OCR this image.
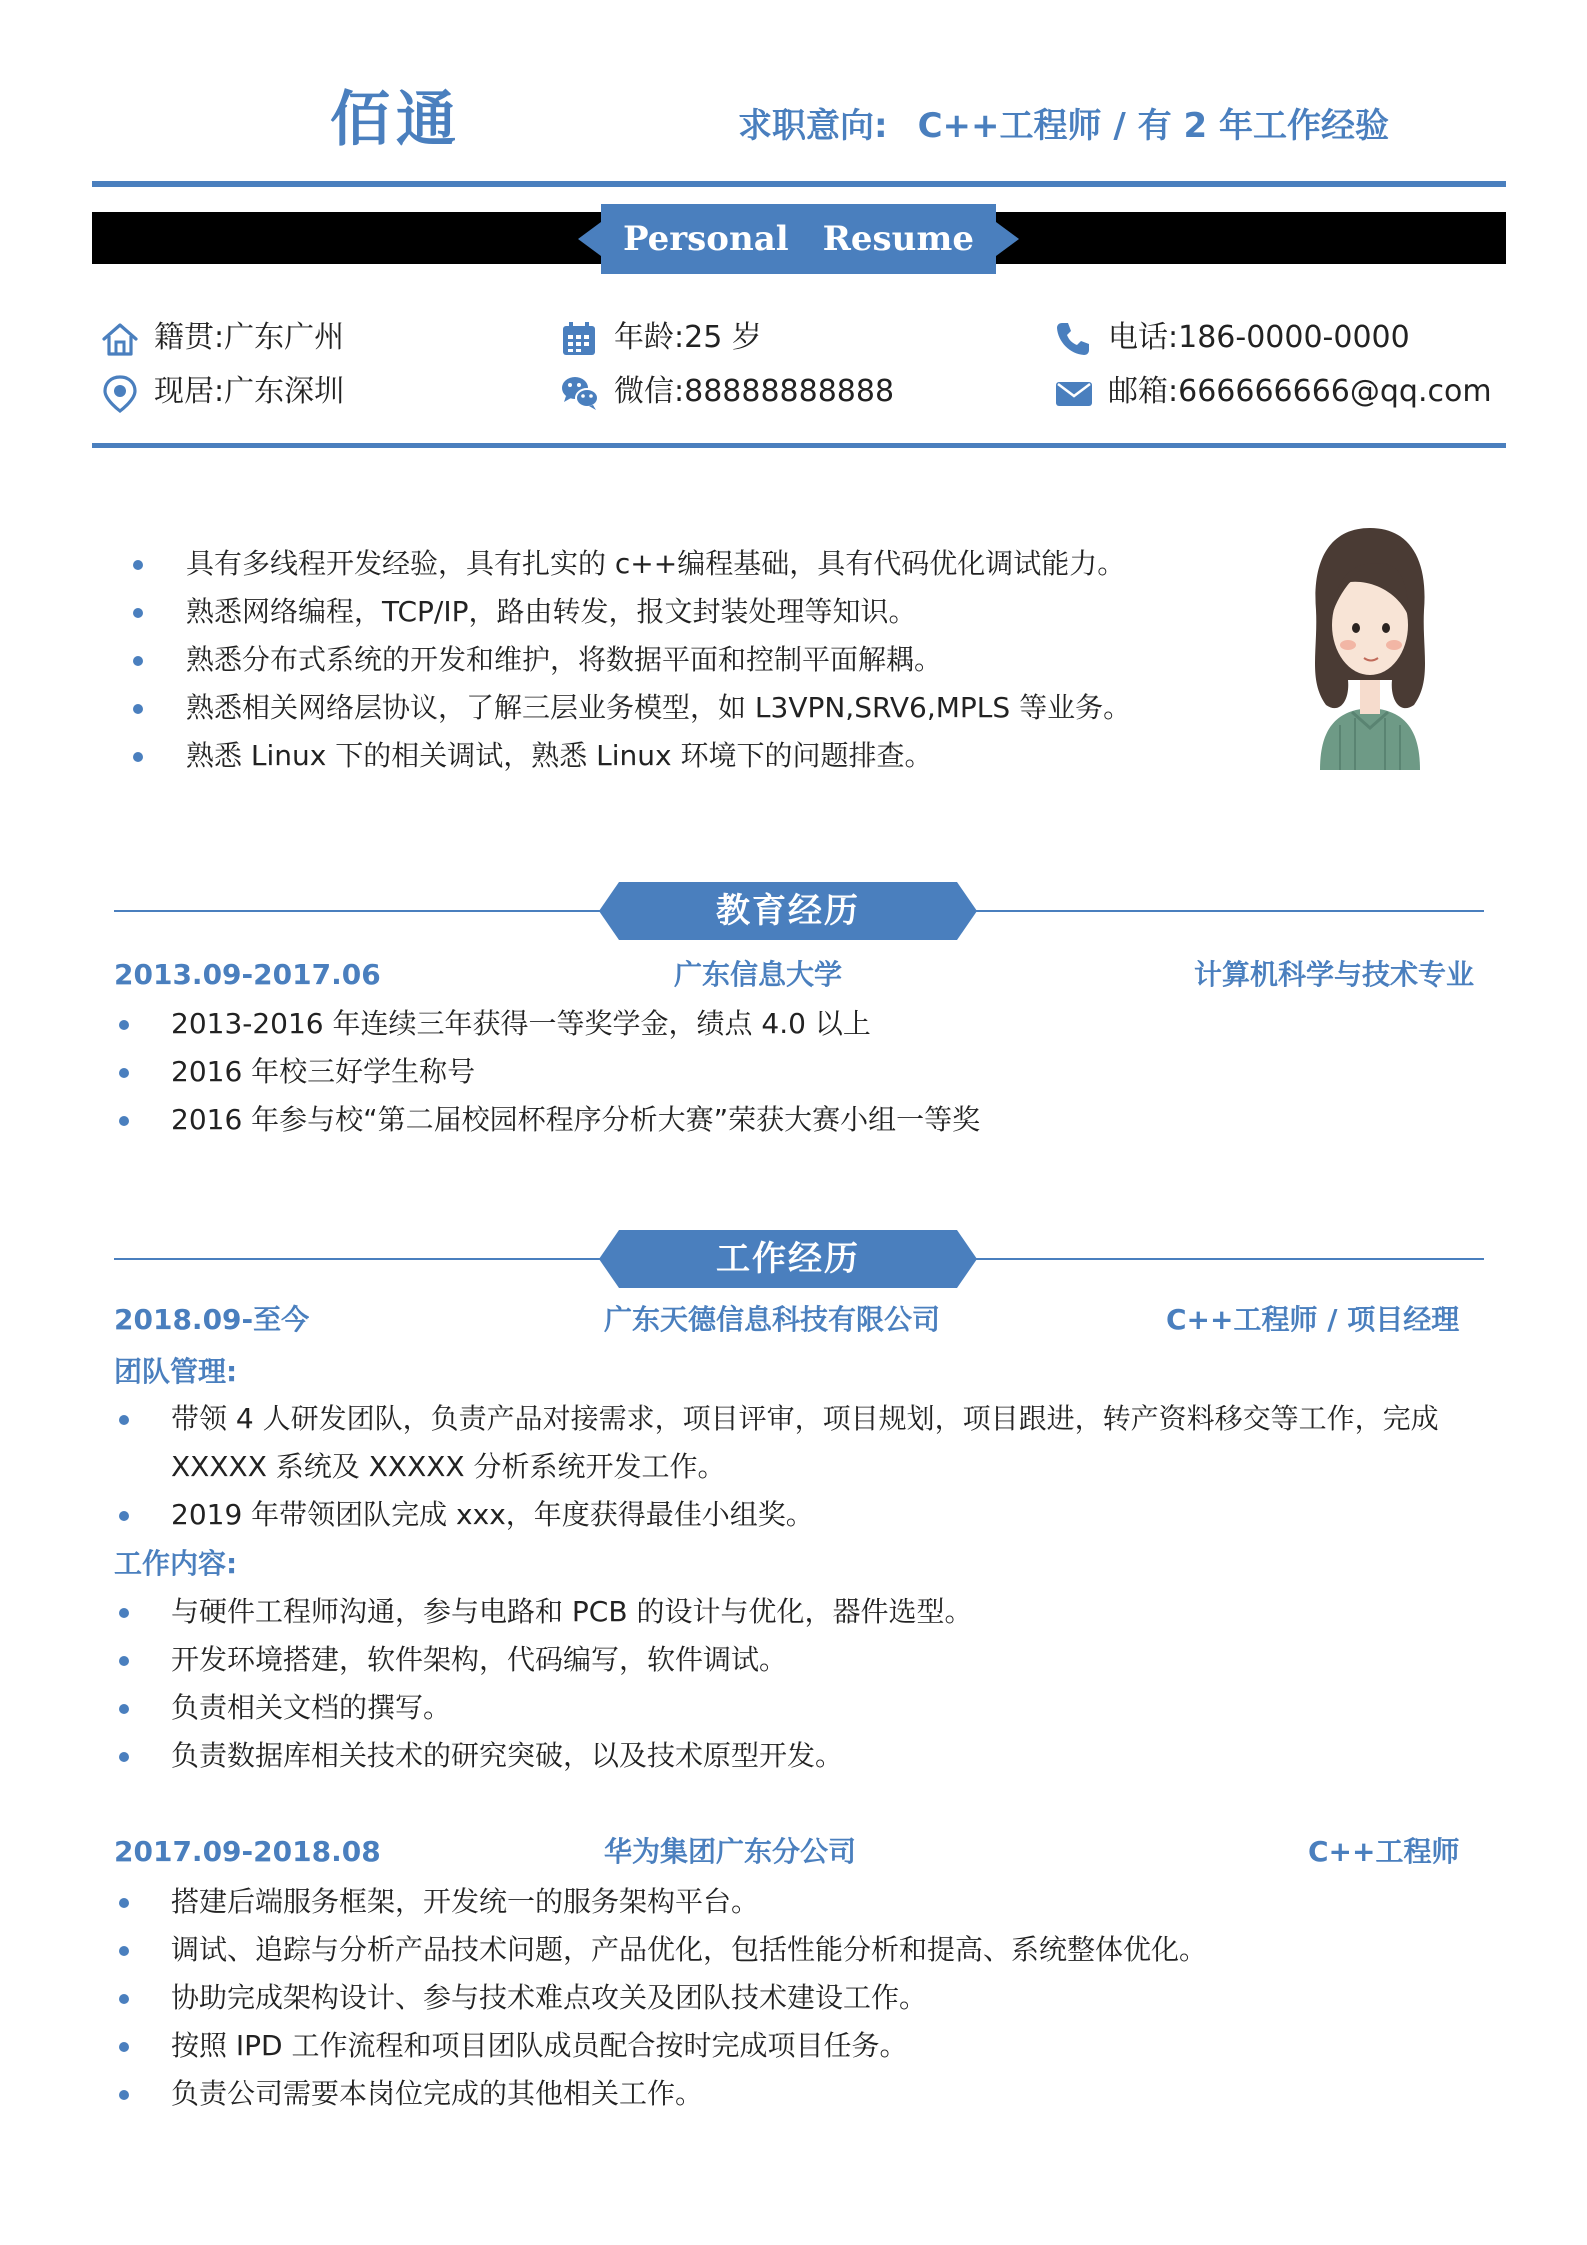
佰通	求职意向: C++工程师 / 有 2 年工作经验
Personal Resume
籍贯:广东广州
现居:广东深圳
年龄:25 岁
微信:88888888888
电话:186-0000-0000
邮箱:666666666@qq.com
具有多线程开发经验，具有扎实的 c++编程基础，具有代码优化调试能力。
熟悉网络编程，TCP/IP，路由转发，报文封装处理等知识。
熟悉分布式系统的开发和维护，将数据平面和控制平面解耦。
熟悉相关网络层协议，了解三层业务模型，如 L3VPN,SRV6,MPLS 等业务。
熟悉 Linux 下的相关调试，熟悉 Linux 环境下的问题排查。
教育经历
2013.09-2017.06	广东信息大学	计算机科学与技术专业
2013-2016 年连续三年获得一等奖学金，绩点 4.0 以上
2016 年校三好学生称号
2016 年参与校“第二届校园杯程序分析大赛”荣获大赛小组一等奖
工作经历
2018.09-至今	广东天德信息科技有限公司	C++工程师 / 项目经理
团队管理:
带领 4 人研发团队，负责产品对接需求，项目评审，项目规划，项目跟进，转产资料移交等工作，完成 XXXXX 系统及 XXXXX 分析系统开发工作。
2019 年带领团队完成 xxx，年度获得最佳小组奖。
工作内容:
与硬件工程师沟通，参与电路和 PCB 的设计与优化，器件选型。
开发环境搭建，软件架构，代码编写，软件调试。
负责相关文档的撰写。
负责数据库相关技术的研究突破，以及技术原型开发。
2017.09-2018.08	华为集团广东分公司	C++工程师
搭建后端服务框架，开发统一的服务架构平台。
调试、追踪与分析产品技术问题，产品优化，包括性能分析和提高、系统整体优化。
协助完成架构设计、参与技术难点攻关及团队技术建设工作。
按照 IPD 工作流程和项目团队成员配合按时完成项目任务。
负责公司需要本岗位完成的其他相关工作。
